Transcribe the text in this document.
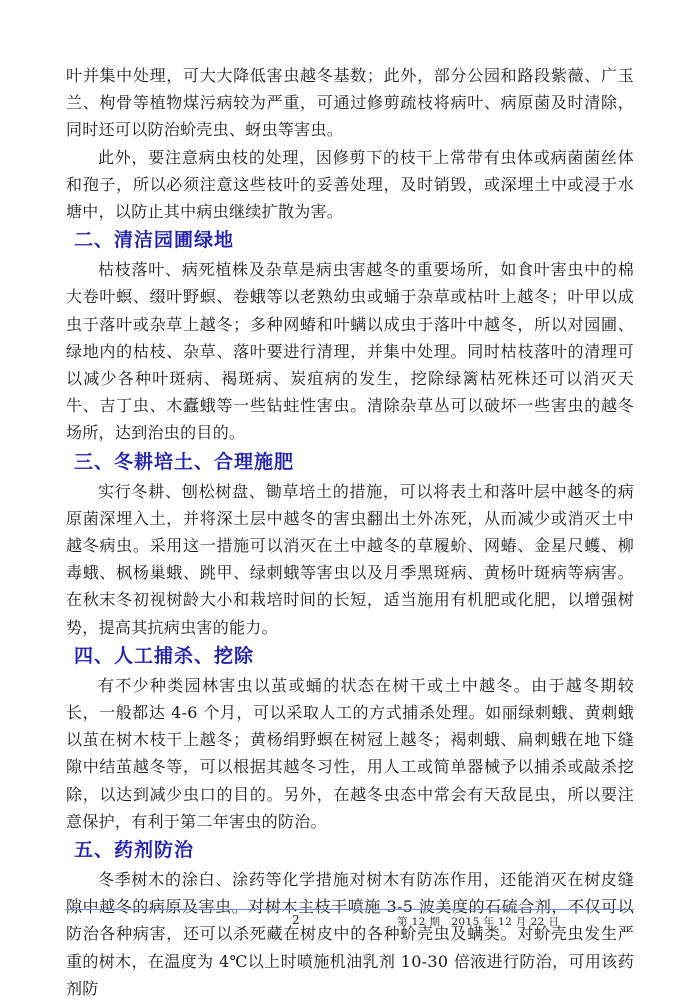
叶并集中处理，可大大降低害虫越冬基数；此外，部分公园和路段紫薇、广玉兰、枸骨等植物煤污病较为严重，可通过修剪疏枝将病叶、病原菌及时清除，同时还可以防治蚧壳虫、蚜虫等害虫。

此外，要注意病虫枝的处理，因修剪下的枝干上常带有虫体或病菌菌丝体和孢子，所以必须注意这些枝叶的妥善处理，及时销毁，或深埋土中或浸于水塘中，以防止其中病虫继续扩散为害。

二、清洁园圃绿地

枯枝落叶、病死植株及杂草是病虫害越冬的重要场所，如食叶害虫中的棉大卷叶螟、缀叶野螟、卷蛾等以老熟幼虫或蛹于杂草或枯叶上越冬；叶甲以成虫于落叶或杂草上越冬；多种网蝽和叶螨以成虫于落叶中越冬，所以对园圃、绿地内的枯枝、杂草、落叶要进行清理，并集中处理。同时枯枝落叶的清理可以减少各种叶斑病、褐斑病、炭疽病的发生，挖除绿篱枯死株还可以消灭天牛、吉丁虫、木蠹蛾等一些钻蛀性害虫。清除杂草丛可以破坏一些害虫的越冬场所，达到治虫的目的。

三、冬耕培土、合理施肥

实行冬耕、刨松树盘、锄草培土的措施，可以将表土和落叶层中越冬的病原菌深埋入土，并将深土层中越冬的害虫翻出土外冻死，从而减少或消灭土中越冬病虫。采用这一措施可以消灭在土中越冬的草履蚧、网蝽、金星尺蠖、柳毒蛾、枫杨巢蛾、跳甲、绿刺蛾等害虫以及月季黑斑病、黄杨叶斑病等病害。在秋末冬初视树龄大小和栽培时间的长短，适当施用有机肥或化肥，以增强树势，提高其抗病虫害的能力。

四、人工捕杀、挖除

有不少种类园林害虫以茧或蛹的状态在树干或土中越冬。由于越冬期较长，一般都达 4-6 个月，可以采取人工的方式捕杀处理。如丽绿刺蛾、黄刺蛾以茧在树木枝干上越冬；黄杨绢野螟在树冠上越冬；褐刺蛾、扁刺蛾在地下缝隙中结茧越冬等，可以根据其越冬习性，用人工或简单器械予以捕杀或敲杀挖除，以达到减少虫口的目的。另外，在越冬虫态中常会有天敌昆虫，所以要注意保护，有利于第二年害虫的防治。

五、药剂防治

冬季树木的涂白、涂药等化学措施对树木有防冻作用，还能消灭在树皮缝隙中越冬的病原及害虫。对树木主枝干喷施 3-5 波美度的石硫合剂，不仅可以防治各种病害，还可以杀死藏在树皮中的各种蚧壳虫及螨类。对蚧壳虫发生严重的树木，在温度为 4℃以上时喷施机油乳剂 10-30 倍液进行防治，可用该药剂防

2	第 12 期　2015 年 12 月 22 日
